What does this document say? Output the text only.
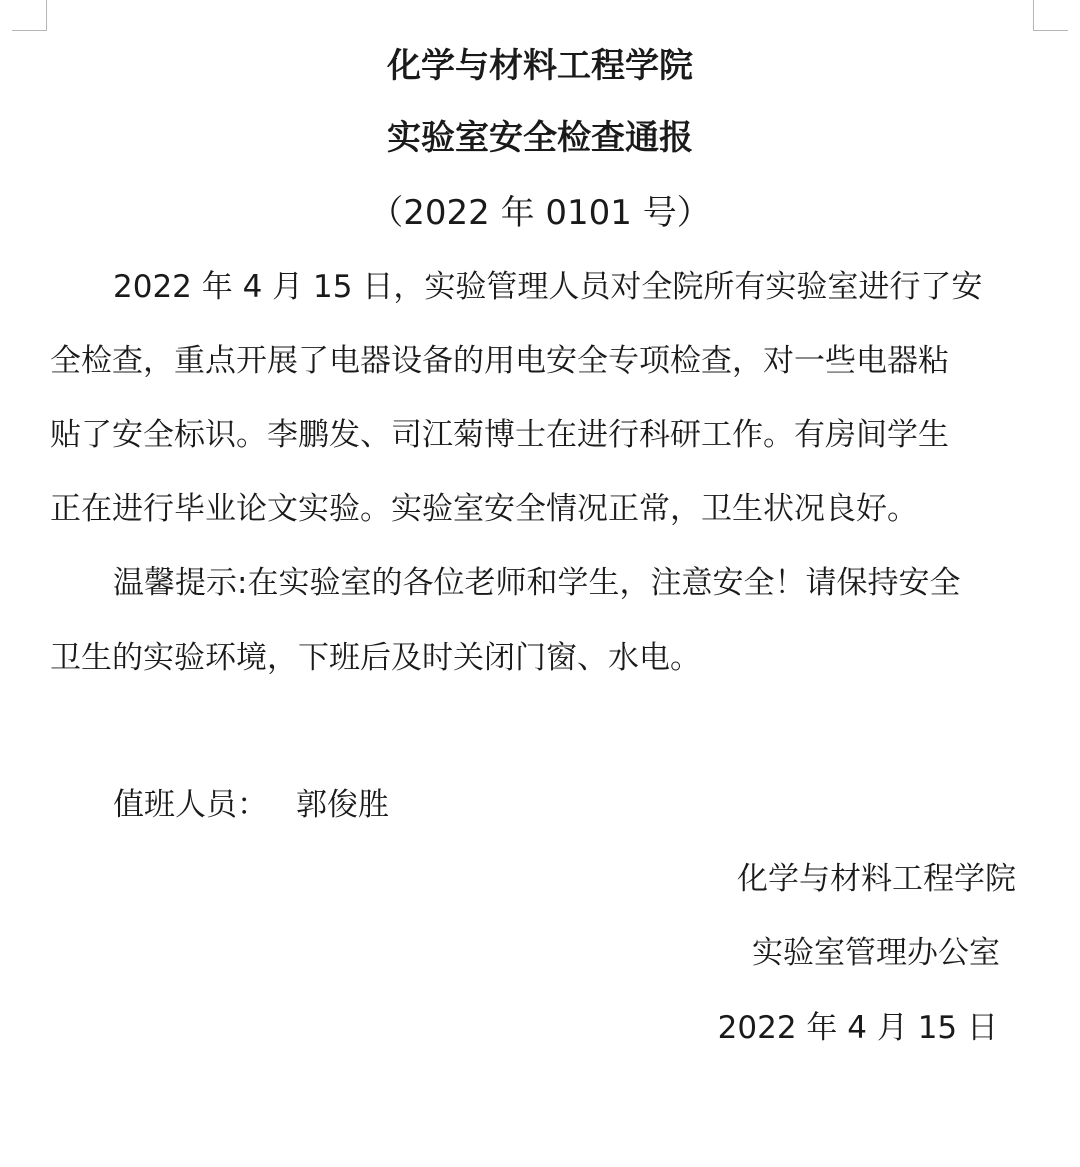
化学与材料工程学院
实验室安全检查通报
（2022 年 0101 号）
2022 年 4 月 15 日，实验管理人员对全院所有实验室进行了安
全检查，重点开展了电器设备的用电安全专项检查，对一些电器粘
贴了安全标识。李鹏发、司江菊博士在进行科研工作。有房间学生
正在进行毕业论文实验。实验室安全情况正常，卫生状况良好。
温馨提示:在实验室的各位老师和学生，注意安全！请保持安全
卫生的实验环境，下班后及时关闭门窗、水电。
值班人员： 郭俊胜
化学与材料工程学院
实验室管理办公室
2022 年 4 月 15 日
